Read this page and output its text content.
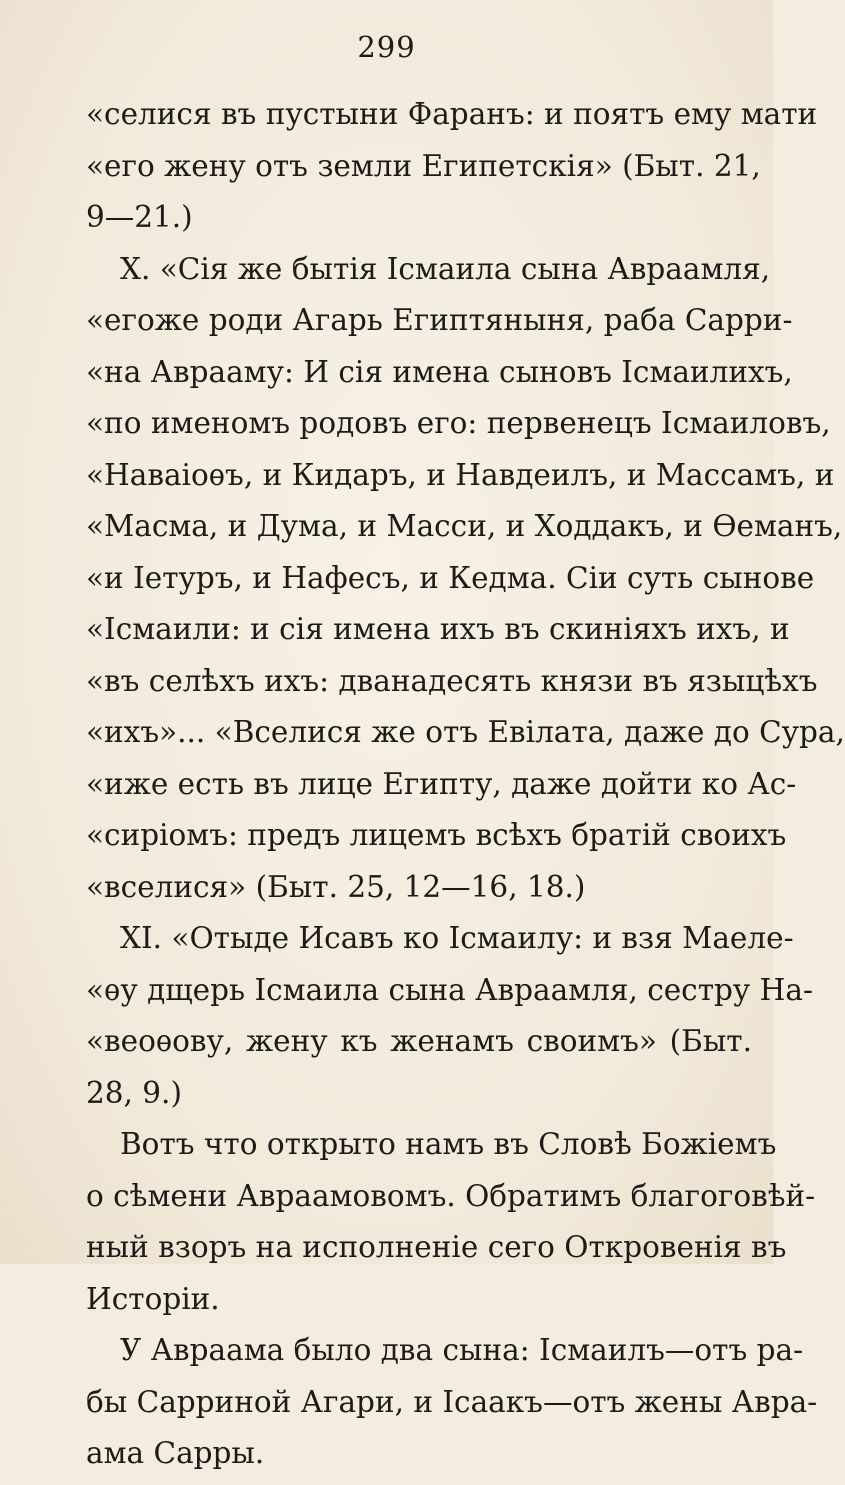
299
«селися въ пустыни Фаранъ: и поятъ ему мати
«его жену отъ земли Египетскія» (Быт. 21,
9—21.)
X. «Сія же бытія Iсмаила сына Авраамля,
«егоже роди Агарь Египтяныня, раба Сарри-
«на Аврааму: И сія имена сыновъ Iсмаилихъ,
«по именомъ родовъ его: первенецъ Iсмаиловъ,
«Наваiоѳъ, и Кидаръ, и Навдеилъ, и Массамъ, и
«Масма, и Дума, и Масси, и Ходдакъ, и Ѳеманъ,
«и Iетуръ, и Нафесъ, и Кедма. Сiи суть сынове
«Iсмаили: и сія имена ихъ въ скиніяхъ ихъ, и
«въ селѣхъ ихъ: двaнадесять князи въ языцѣхъ
«ихъ»... «Вселися же отъ Евiлата, даже до Сура,
«иже есть въ лице Египту, даже дойти ко Ас-
«сиріомъ: предъ лицемъ всѣхъ братій своихъ
«вселися» (Быт. 25, 12—16, 18.)
XI. «Отыде Исавъ ко Iсмаилу: и взя Маеле-
«ѳу дщерь Iсмаила сына Авраамля, сестру На-
«веоѳову, жену къ женамъ своимъ» (Быт.
28, 9.)
Вотъ что открыто намъ въ Словѣ Божіемъ
о сѣмени Авраамовомъ. Обратимъ благоговѣй-
ный взоръ на исполненіе сего Откровенія въ
Исторіи.
У Авраама было два сына: Iсмаилъ—отъ ра-
бы Сарриной Агари, и Iсаакъ—отъ жены Авра-
ама Сарры.
